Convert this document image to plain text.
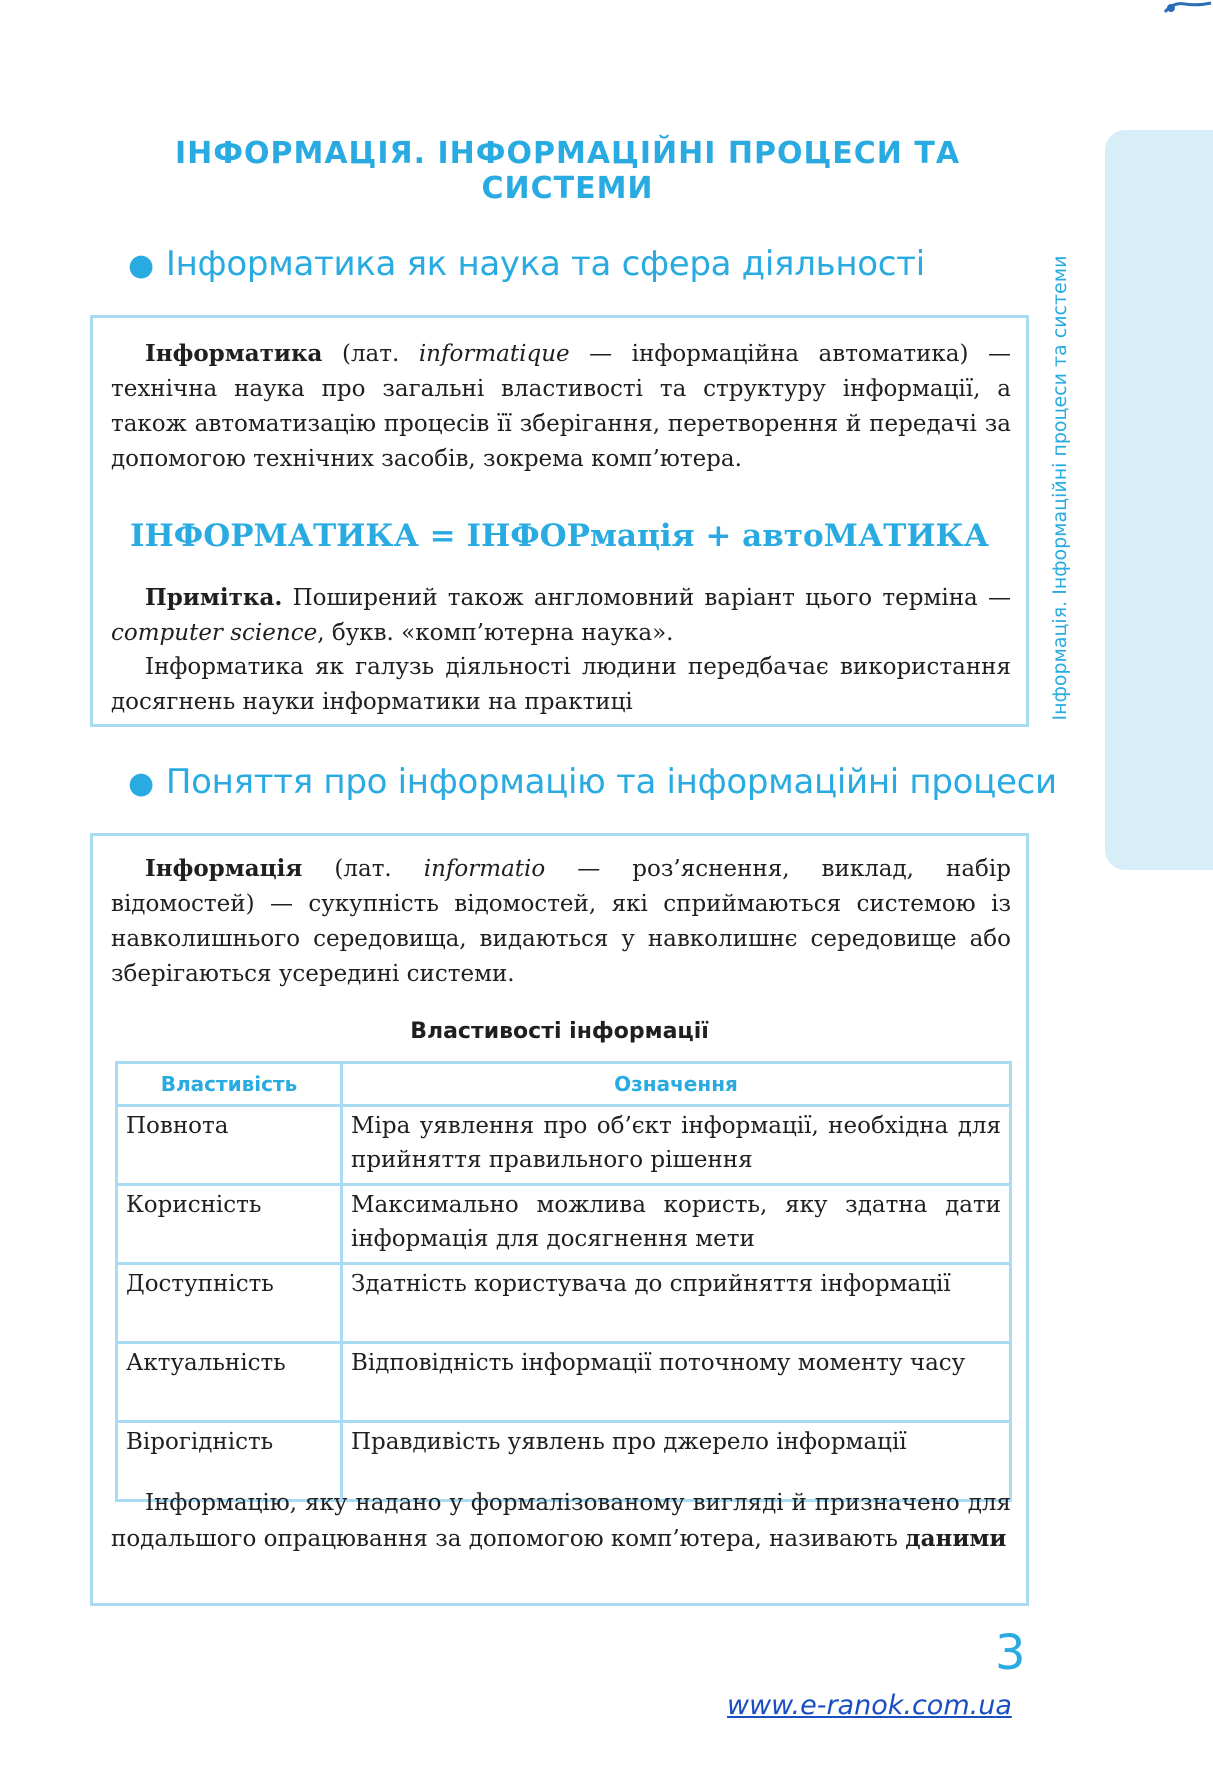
Інформація. Інформаційні процеси та системи
ІНФОРМАЦІЯ. ІНФОРМАЦІЙНІ ПРОЦЕСИ ТА СИСТЕМИ
● Інформатика як наука та сфера діяльності

Інформатика (лат. informatique — інформаційна автоматика) — технічна наука про загальні властивості та структуру інформації, а також автоматизацію процесів її зберігання, перетворення й передачі за допомогою технічних засобів, зокрема комп’ютера.

ІНФОРМАТИКА = ІНФОРмація + автоМАТИКА

Примітка. Поширений також англомовний варіант цього терміна — computer science, букв. «комп’ютерна наука».

Інформатика як галузь діяльності людини передбачає використання досягнень науки інформатики на практиці

● Поняття про інформацію та інформаційні процеси

Інформація (лат. informatio — роз’яснення, виклад, набір відомостей) — сукупність відомостей, які сприймаються системою із навколишнього середовища, видаються у навколишнє середовище або зберігаються усередині системи.

Властивості інформації
Властивість	Означення
Повнота	Міра уявлення про об’єкт інформації, необхідна для прийняття правильного рішення
Корисність	Максимально можлива користь, яку здатна дати інформація для досягнення мети
Доступність	Здатність користувача до сприйняття інформації
Актуальність	Відповідність інформації поточному моменту часу
Вірогідність	Правдивість уявлень про джерело інформації

Інформацію, яку надано у формалізованому вигляді й призначено для подальшого опрацювання за допомогою комп’ютера, називають даними

3
www.e-ranok.com.ua
